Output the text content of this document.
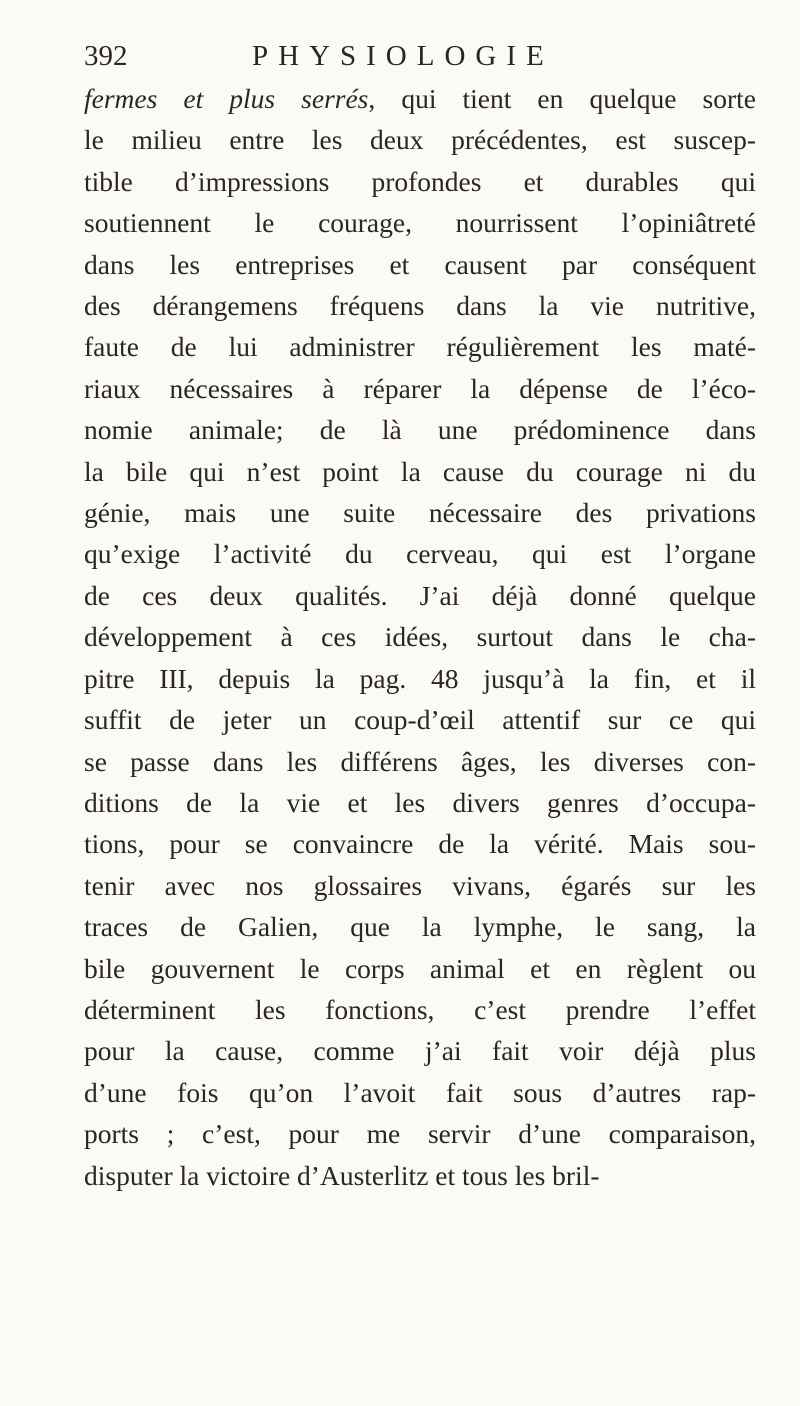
392	PHYSIOLOGIE
fermes et plus serrés, qui tient en quelque sorte
le milieu entre les deux précédentes, est suscep-
tible d’impressions profondes et durables qui
soutiennent le courage, nourrissent l’opiniâtreté
dans les entreprises et causent par conséquent
des dérangemens fréquens dans la vie nutritive,
faute de lui administrer régulièrement les maté-
riaux nécessaires à réparer la dépense de l’éco-
nomie animale; de là une prédominence dans
la bile qui n’est point la cause du courage ni du
génie, mais une suite nécessaire des privations
qu’exige l’activité du cerveau, qui est l’organe
de ces deux qualités. J’ai déjà donné quelque
développement à ces idées, surtout dans le cha-
pitre III, depuis la pag. 48 jusqu’à la fin, et il
suffit de jeter un coup-d’œil attentif sur ce qui
se passe dans les différens âges, les diverses con-
ditions de la vie et les divers genres d’occupa-
tions, pour se convaincre de la vérité. Mais sou-
tenir avec nos glossaires vivans, égarés sur les
traces de Galien, que la lymphe, le sang, la
bile gouvernent le corps animal et en règlent ou
déterminent les fonctions, c’est prendre l’effet
pour la cause, comme j’ai fait voir déjà plus
d’une fois qu’on l’avoit fait sous d’autres rap-
ports ; c’est, pour me servir d’une comparaison,
disputer la victoire d’Austerlitz et tous les bril-
